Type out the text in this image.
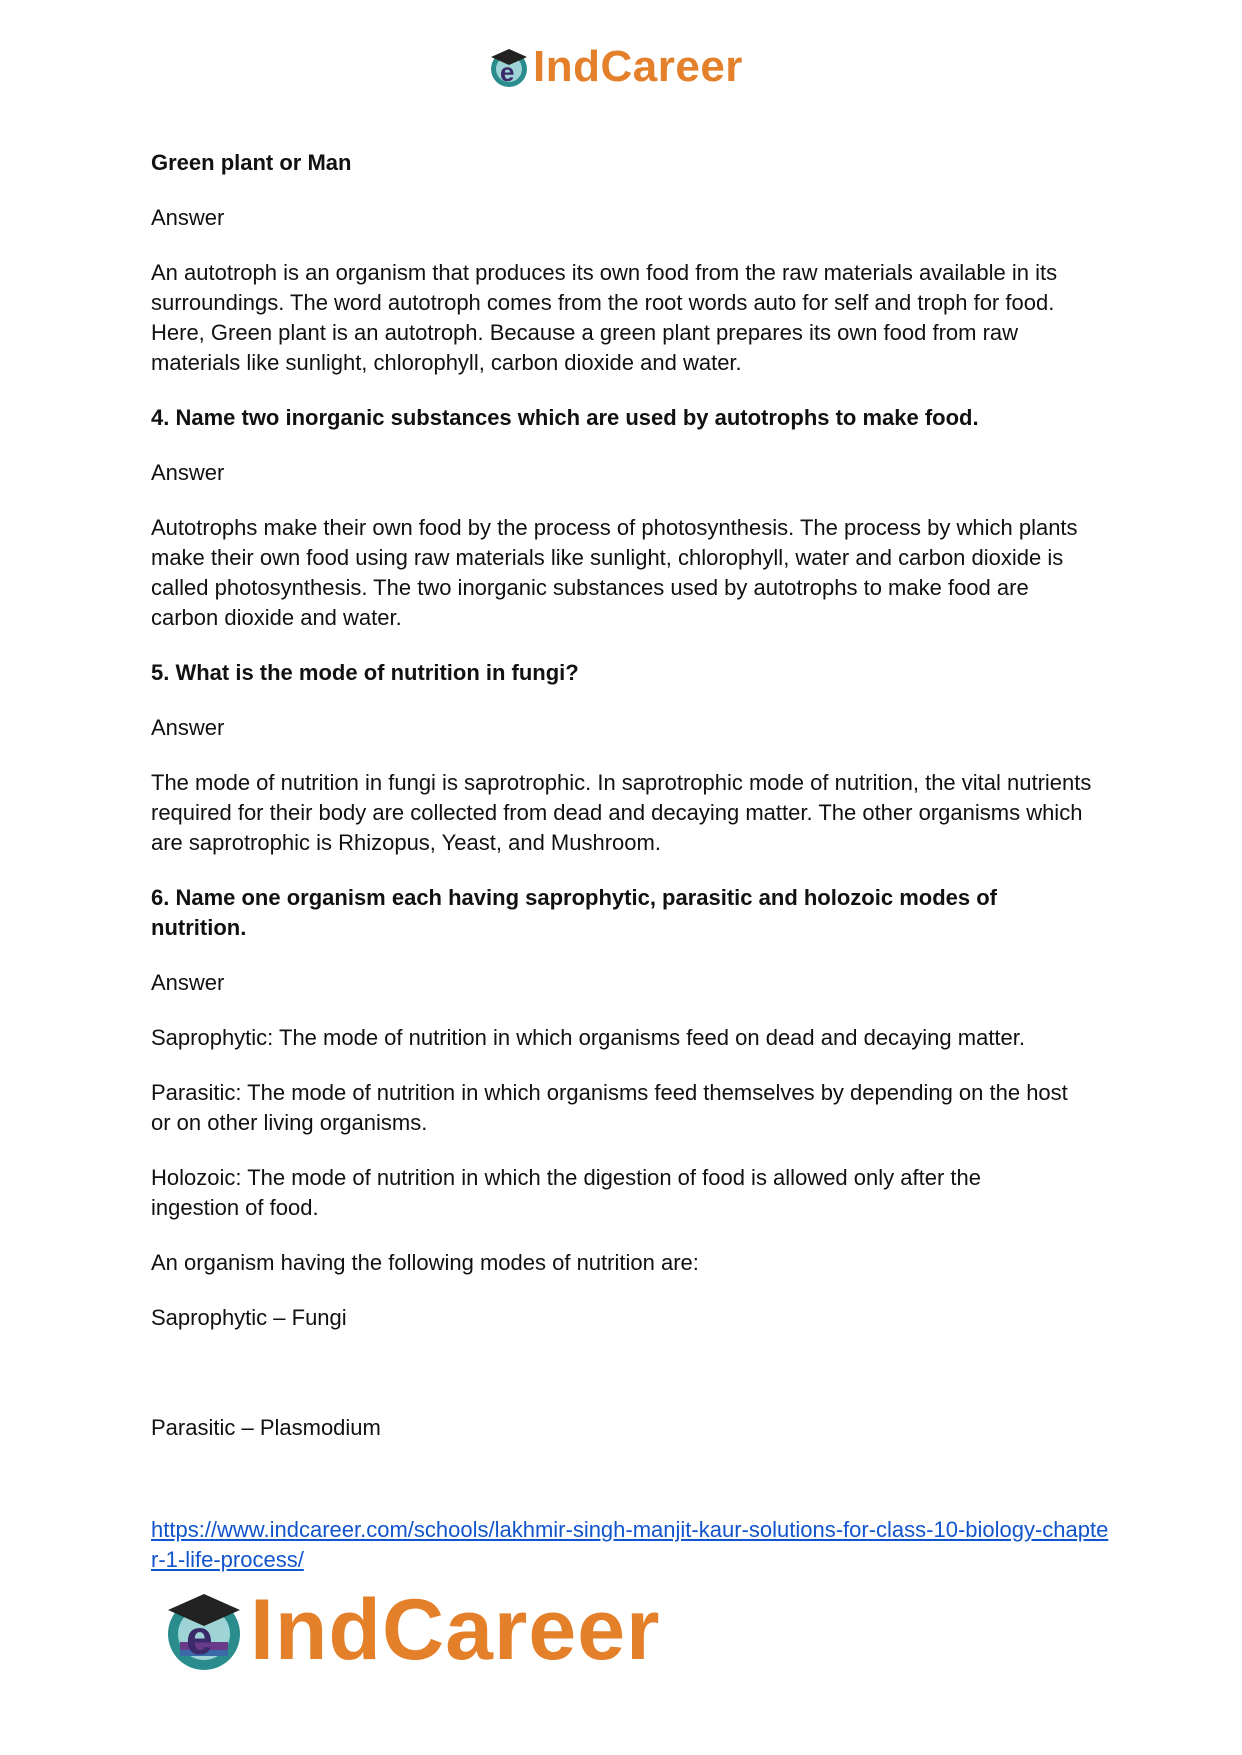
e IndCareer

Green plant or Man

Answer

An autotroph is an organism that produces its own food from the raw materials available in its surroundings. The word autotroph comes from the root words auto for self and troph for food. Here, Green plant is an autotroph. Because a green plant prepares its own food from raw materials like sunlight, chlorophyll, carbon dioxide and water.

4. Name two inorganic substances which are used by autotrophs to make food.

Answer

Autotrophs make their own food by the process of photosynthesis. The process by which plants make their own food using raw materials like sunlight, chlorophyll, water and carbon dioxide is called photosynthesis. The two inorganic substances used by autotrophs to make food are carbon dioxide and water.

5. What is the mode of nutrition in fungi?

Answer

The mode of nutrition in fungi is saprotrophic. In saprotrophic mode of nutrition, the vital nutrients required for their body are collected from dead and decaying matter. The other organisms which are saprotrophic is Rhizopus, Yeast, and Mushroom.

6. Name one organism each having saprophytic, parasitic and holozoic modes of nutrition.

Answer

Saprophytic: The mode of nutrition in which organisms feed on dead and decaying matter.

Parasitic: The mode of nutrition in which organisms feed themselves by depending on the host or on other living organisms.

Holozoic: The mode of nutrition in which the digestion of food is allowed only after the ingestion of food.

An organism having the following modes of nutrition are:

Saprophytic – Fungi

Parasitic – Plasmodium

https://www.indcareer.com/schools/lakhmir-singh-manjit-kaur-solutions-for-class-10-biology-chapter-1-life-process/
e IndCareer
